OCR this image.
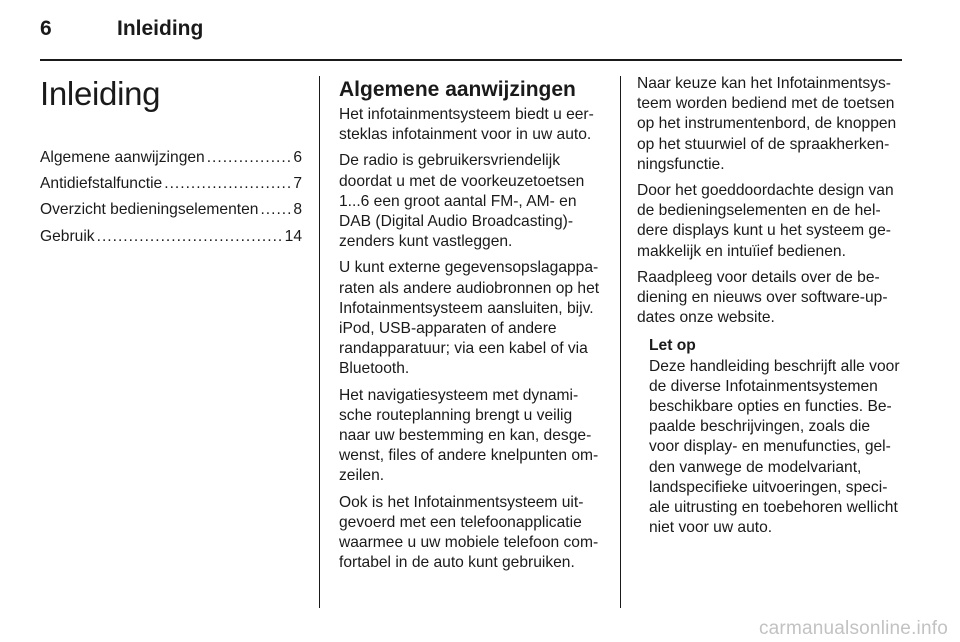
6	Inleiding
Inleiding
Algemene aanwijzingen .....	6
Antidiefstalfunctie .....	7
Overzicht bedieningselementen ..... 8
Gebruik .....	14
Algemene aanwijzingen

Het infotainmentsysteem biedt u eersteklas infotainment voor in uw auto.

De radio is gebruikersvriendelijk doordat u met de voorkeuzetoetsen 1...6 een groot aantal FM-, AM- en DAB (Digital Audio Broadcasting)-zenders kunt vastleggen.

U kunt externe gegevensopslagapparaten als andere audiobronnen op het Infotainmentsysteem aansluiten, bijv. iPod, USB-apparaten of andere randapparatuur; via een kabel of via Bluetooth.

Het navigatiesysteem met dynamische routeplanning brengt u veilig naar uw bestemming en kan, desgewenst, files of andere knelpunten omzeilen.

Ook is het Infotainmentsysteem uitgevoerd met een telefoonapplicatie waarmee u uw mobiele telefoon comfortabel in de auto kunt gebruiken.

Naar keuze kan het Infotainmentsysteem worden bediend met de toetsen op het instrumentenbord, de knoppen op het stuurwiel of de spraakherkenningsfunctie.

Door het goeddoordachte design van de bedieningselementen en de heldere displays kunt u het systeem gemakkelijk en intuïief bedienen.

Raadpleeg voor details over de bediening en nieuws over software-updates onze website.

Let op
Deze handleiding beschrijft alle voor de diverse Infotainmentsystemen beschikbare opties en functies. Bepaalde beschrijvingen, zoals die voor display- en menufuncties, gelden vanwege de modelvariant, landspecifieke uitvoeringen, speciale uitrusting en toebehoren wellicht niet voor uw auto.
carmanualsonline.info
